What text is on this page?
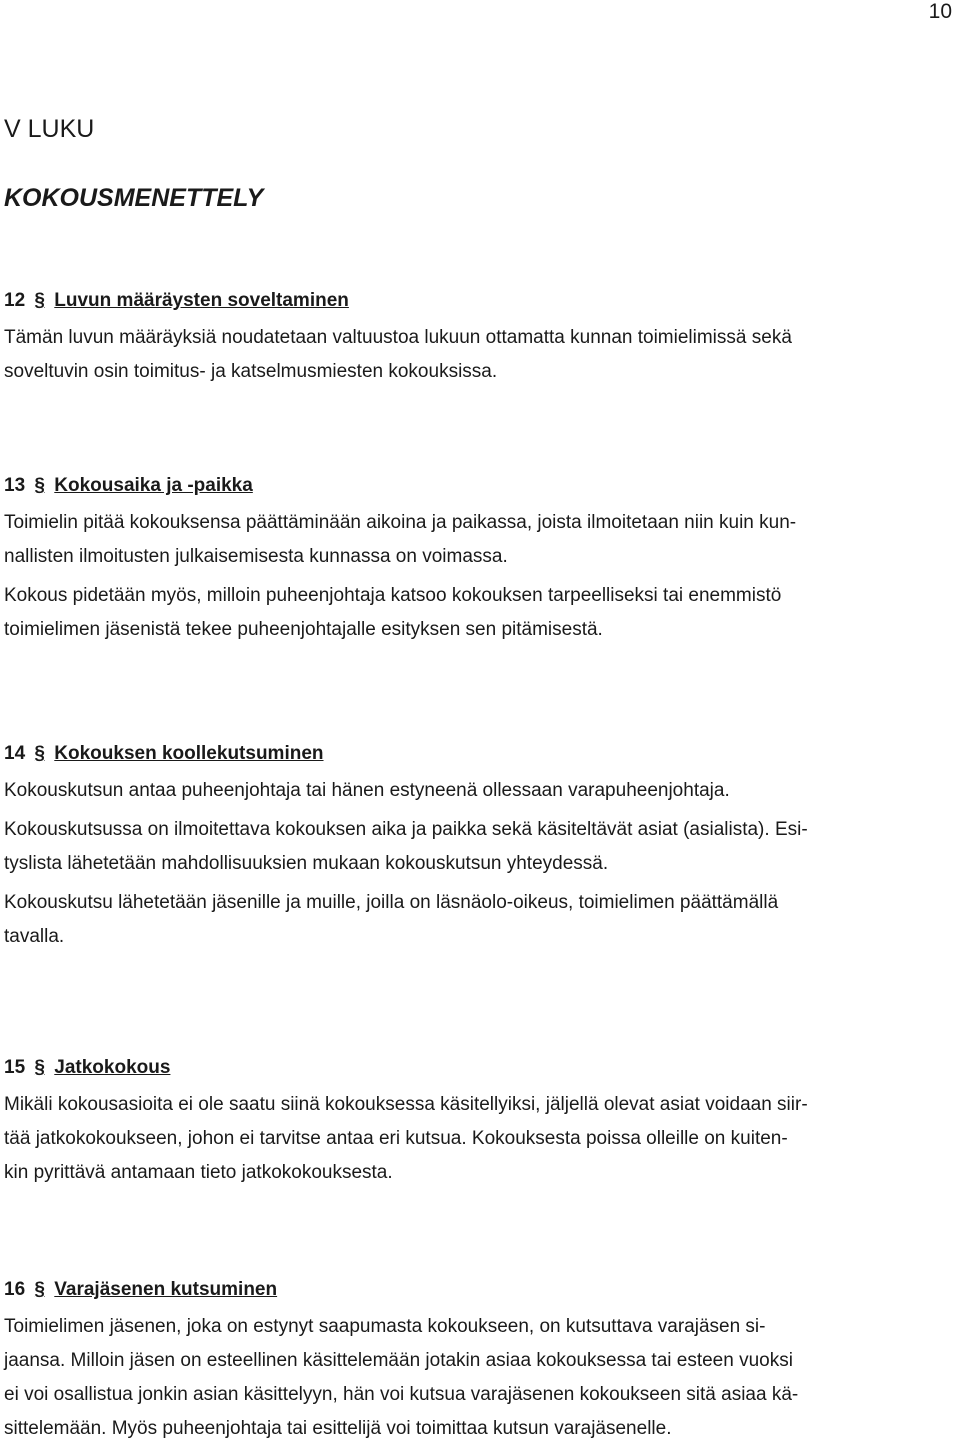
10
V LUKU
KOKOUSMENETTELY
12 § Luvun määräysten soveltaminen

Tämän luvun määräyksiä noudatetaan valtuustoa lukuun ottamatta kunnan toimielimissä sekä
soveltuvin osin toimitus- ja katselmusmiesten kokouksissa.

13 § Kokousaika ja -paikka

Toimielin pitää kokouksensa päättäminään aikoina ja paikassa, joista ilmoitetaan niin kuin kun-
nallisten ilmoitusten julkaisemisesta kunnassa on voimassa.

Kokous pidetään myös, milloin puheenjohtaja katsoo kokouksen tarpeelliseksi tai enemmistö
toimielimen jäsenistä tekee puheenjohtajalle esityksen sen pitämisestä.

14 § Kokouksen koollekutsuminen

Kokouskutsun antaa puheenjohtaja tai hänen estyneenä ollessaan varapuheenjohtaja.

Kokouskutsussa on ilmoitettava kokouksen aika ja paikka sekä käsiteltävät asiat (asialista). Esi-
tyslista lähetetään mahdollisuuksien mukaan kokouskutsun yhteydessä.

Kokouskutsu lähetetään jäsenille ja muille, joilla on läsnäolo-oikeus, toimielimen päättämällä
tavalla.

15 § Jatkokokous

Mikäli kokousasioita ei ole saatu siinä kokouksessa käsitellyiksi, jäljellä olevat asiat voidaan siir-
tää jatkokokoukseen, johon ei tarvitse antaa eri kutsua. Kokouksesta poissa olleille on kuiten-
kin pyrittävä antamaan tieto jatkokokouksesta.

16 § Varajäsenen kutsuminen

Toimielimen jäsenen, joka on estynyt saapumasta kokoukseen, on kutsuttava varajäsen si-
jaansa. Milloin jäsen on esteellinen käsittelemään jotakin asiaa kokouksessa tai esteen vuoksi
ei voi osallistua jonkin asian käsittelyyn, hän voi kutsua varajäsenen kokoukseen sitä asiaa kä-
sittelemään. Myös puheenjohtaja tai esittelijä voi toimittaa kutsun varajäsenelle.
